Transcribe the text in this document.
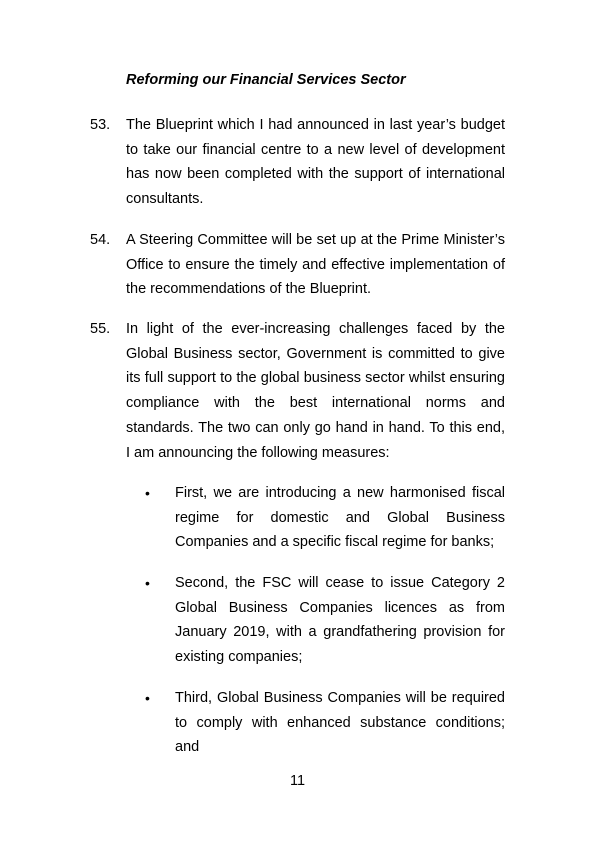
Reforming our Financial Services Sector
53. The Blueprint which I had announced in last year’s budget to take our financial centre to a new level of development has now been completed with the support of international consultants.
54. A Steering Committee will be set up at the Prime Minister’s Office to ensure the timely and effective implementation of the recommendations of the Blueprint.
55. In light of the ever-increasing challenges faced by the Global Business sector, Government is committed to give its full support to the global business sector whilst ensuring compliance with the best international norms and standards. The two can only go hand in hand. To this end, I am announcing the following measures:
• First, we are introducing a new harmonised fiscal regime for domestic and Global Business Companies and a specific fiscal regime for banks;
• Second, the FSC will cease to issue Category 2 Global Business Companies licences as from January 2019, with a grandfathering provision for existing companies;
• Third, Global Business Companies will be required to comply with enhanced substance conditions; and
11
